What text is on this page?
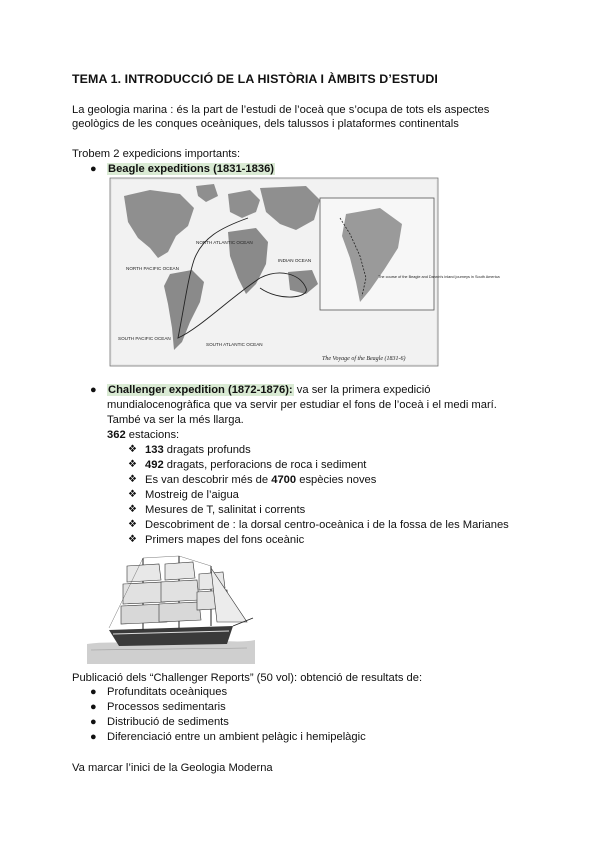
TEMA 1. INTRODUCCIÓ DE LA HISTÒRIA I ÀMBITS D’ESTUDI
La geologia marina : és la part de l’estudi de l’oceà que s’ocupa de tots els aspectes
geològics de les conques oceàniques, dels talussos i plataformes continentals
Trobem 2 expedicions importants:
● Beagle expeditions (1831-1836)
NORTH PACIFIC OCEAN
NORTH ATLANTIC OCEAN
INDIAN OCEAN
SOUTH PACIFIC OCEAN
SOUTH ATLANTIC OCEAN
The course of the Beagle and Darwin's inland journeys in South America
The Voyage of the Beagle (1831-6)
● Challenger expedition (1872-1876): va ser la primera expedició
mundialocenogràfica que va servir per estudiar el fons de l’oceà i el medi marí.
També va ser la més llarga.
362 estacions:
❖ 133 dragats profunds
❖ 492 dragats, perforacions de roca i sediment
❖ Es van descobrir més de 4700 espècies noves
❖ Mostreig de l’aigua
❖ Mesures de T, salinitat i corrents
❖ Descobriment de : la dorsal centro-oceànica i de la fossa de les Marianes
❖ Primers mapes del fons oceànic
Publicació dels “Challenger Reports” (50 vol): obtenció de resultats de:
● Profunditats oceàniques
● Processos sedimentaris
● Distribució de sediments
● Diferenciació entre un ambient pelàgic i hemipelàgic
Va marcar l’inici de la Geologia Moderna
